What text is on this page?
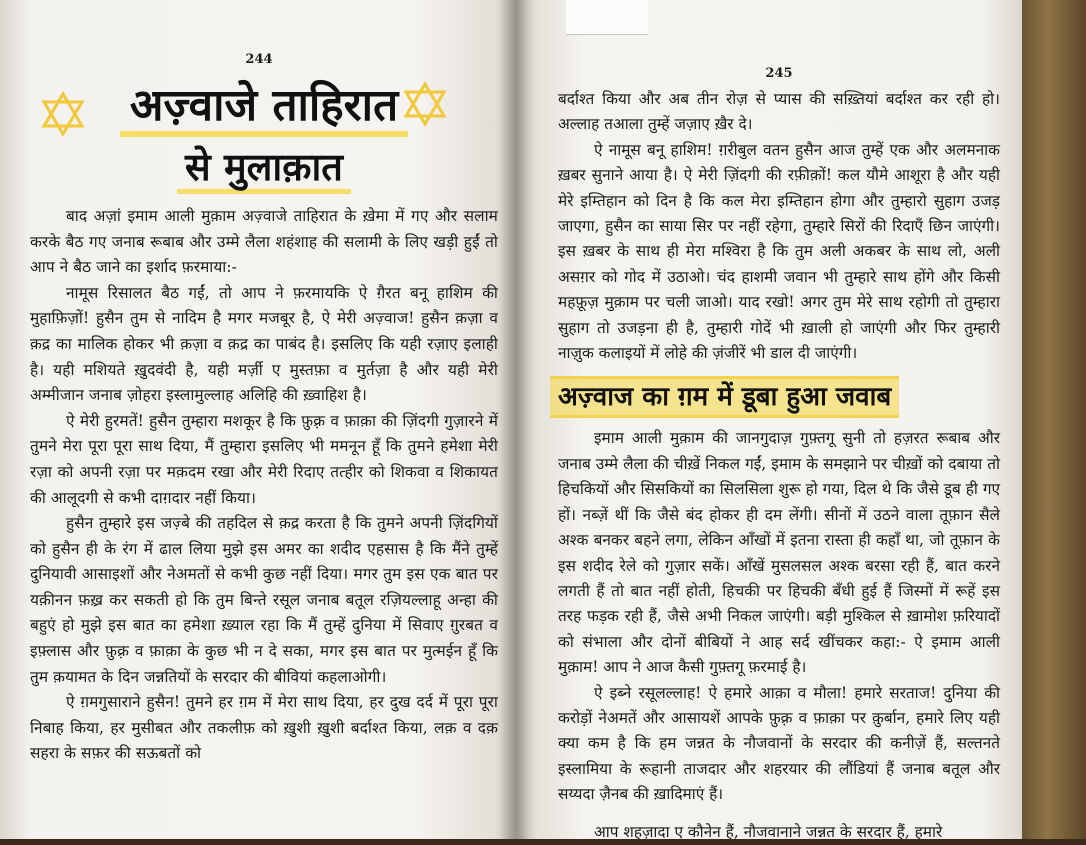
244
अज़्वाजे ताहिरात
से मुलाक़ात

बाद अज़ां इमाम आली मुक़ाम अज़्वाजे ताहिरात के ख़ेमा में गए और सलाम करके बैठ गए जनाब रूबाब और उम्मे लैला शहंशाह की सलामी के लिए खड़ी हुईं तो आप ने बैठ जाने का इर्शाद फ़रमाया:-

नामूस रिसालत बैठ गईं, तो आप ने फ़रमायकि ऐ ग़ैरत बनू हाशिम की मुहाफ़िज़ों! हुसैन तुम से नादिम है मगर मजबूर है, ऐ मेरी अज़्वाज! हुसैन क़ज़ा व क़द्र का मालिक होकर भी क़ज़ा व क़द्र का पाबंद है। इसलिए कि यही रज़ाए इलाही है। यही मशियते ख़ुदवंदी है, यही मर्ज़ी ए मुस्तफ़ा व मुर्तज़ा है और यही मेरी अम्मीजान जनाब ज़ोहरा इस्लामुल्लाह अलिहि की ख़्वाहिश है।

ऐ मेरी हुरमतें! हुसैन तुम्हारा मशकूर है कि फ़ुक़्र व फ़ाक़ा की ज़िंदगी गुज़ारने में तुमने मेरा पूरा पूरा साथ दिया, मैं तुम्हारा इसलिए भी ममनून हूँ कि तुमने हमेशा मेरी रज़ा को अपनी रज़ा पर मक़दम रखा और मेरी रिदाए तत्हीर को शिकवा व शिकायत की आलूदगी से कभी दाग़दार नहीं किया।

हुसैन तुम्हारे इस जज़्बे की तहदिल से क़द्र करता है कि तुमने अपनी ज़िंदगियों को हुसैन ही के रंग में ढाल लिया मुझे इस अमर का शदीद एहसास है कि मैंने तुम्हें दुनियावी आसाइशों और नेअमतों से कभी कुछ नहीं दिया। मगर तुम इस एक बात पर यक़ीनन फ़ख़्र कर सकती हो कि तुम बिन्ते रसूल जनाब बतूल रज़ियल्लाहू अन्हा की बहुएं हो मुझे इस बात का हमेशा ख़्याल रहा कि मैं तुम्हें दुनिया में सिवाए ग़ुरबत व इफ़्लास और फ़ुक़्र व फ़ाक़ा के कुछ भी न दे सका, मगर इस बात पर मुत्मईन हूँ कि तुम क़यामत के दिन जन्नतियों के सरदार की बीवियां कहलाओगी।

ऐ ग़मगुसाराने हुसैन! तुमने हर ग़म में मेरा साथ दिया, हर दुख दर्द में पूरा पूरा निबाह किया, हर मुसीबत और तकलीफ़ को ख़ुशी ख़ुशी बर्दाश्त किया, लक़ व दक़ सहरा के सफ़र की सऊबतों को

245

बर्दाश्त किया और अब तीन रोज़ से प्यास की सख़्तियां बर्दाश्त कर रही हो। अल्लाह तआला तुम्हें जज़ाए ख़ैर दे।

ऐ नामूस बनू हाशिम! ग़रीबुल वतन हुसैन आज तुम्हें एक और अलमनाक ख़बर सुनाने आया है। ऐ मेरी ज़िंदगी की रफ़ीक़ों! कल यौमे आशूरा है और यही मेरे इम्तिहान को दिन है कि कल मेरा इम्तिहान होगा और तुम्हारो सुहाग उजड़ जाएगा, हुसैन का साया सिर पर नहीं रहेगा, तुम्हारे सिरों की रिदाएँ छिन जाएंगी। इस ख़बर के साथ ही मेरा मश्विरा है कि तुम अली अकबर के साथ लो, अली असग़र को गोद में उठाओ। चंद हाशमी जवान भी तुम्हारे साथ होंगे और किसी महफ़ूज़ मुक़ाम पर चली जाओ। याद रखो! अगर तुम मेरे साथ रहोगी तो तुम्हारा सुहाग तो उजड़ना ही है, तुम्हारी गोदें भी ख़ाली हो जाएंगी और फिर तुम्हारी नाज़ुक कलाइयों में लोहे की ज़ंजीरें भी डाल दी जाएंगी।

अज़्वाज का ग़म में डूबा हुआ जवाब

इमाम आली मुक़ाम की जानगुदाज़ गुफ़्तगू सुनी तो हज़रत रूबाब और जनाब उम्मे लैला की चीख़ें निकल गईं, इमाम के समझाने पर चीख़ों को दबाया तो हिचकियों और सिसकियों का सिलसिला शुरू हो गया, दिल थे कि जैसे डूब ही गए हों। नब्ज़ें थीं कि जैसे बंद होकर ही दम लेंगी। सीनों में उठने वाला तूफ़ान सैले अश्क बनकर बहने लगा, लेकिन आँखों में इतना रास्ता ही कहाँ था, जो तूफ़ान के इस शदीद रेले को गुज़ार सकें। आँखें मुसलसल अश्क बरसा रही हैं, बात करने लगती हैं तो बात नहीं होती, हिचकी पर हिचकी बँधी हुई हैं जिस्मों में रूहें इस तरह फड़क रही हैं, जैसे अभी निकल जाएंगी। बड़ी मुश्किल से ख़ामोश फ़रियादों को संभाला और दोनों बीबियों ने आह सर्द खींचकर कहा:- ऐ इमाम आली मुक़ाम! आप ने आज कैसी गुफ़्तगू फ़रमाई है।

ऐ इब्ने रसूलल्लाह! ऐ हमारे आक़ा व मौला! हमारे सरताज! दुनिया की करोड़ों नेअमतें और आसायशें आपके फ़ुक़्र व फ़ाक़ा पर क़ुर्बान, हमारे लिए यही क्या कम है कि हम जन्नत के नौजवानों के सरदार की कनीज़ें हैं, सल्तनते इस्लामिया के रूहानी ताजदार और शहरयार की लौंडियां हैं जनाब बतूल और सय्यदा ज़ैनब की ख़ादिमाएं हैं।

आप शहज़ादा ए कौनेन हैं, नौजवानाने जन्नत के सरदार हैं, हमारे
